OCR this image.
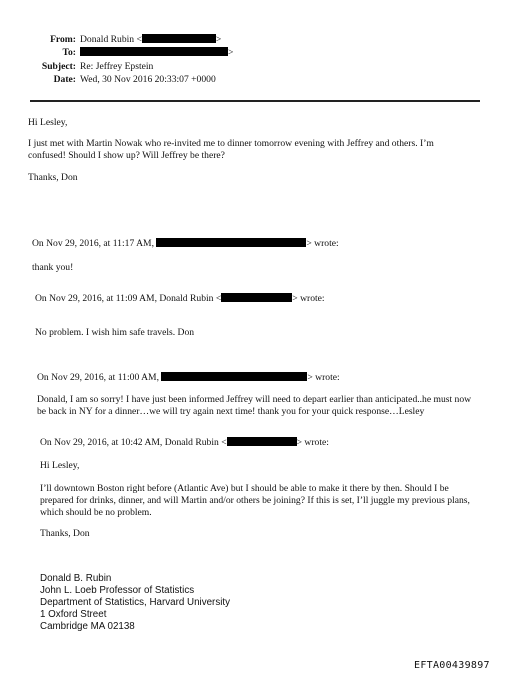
From: Donald Rubin <	>
To:	>
Subject: Re: Jeffrey Epstein
Date: Wed, 30 Nov 2016 20:33:07 +0000
Hi Lesley,
I just met with Martin Nowak who re-invited me to dinner tomorrow evening with Jeffrey and others. I’m confused! Should I show up? Will Jeffrey be there?
Thanks, Don
On Nov 29, 2016, at 11:17 AM,	> wrote:
thank you!
On Nov 29, 2016, at 11:09 AM, Donald Rubin <	> wrote:
No problem. I wish him safe travels. Don
On Nov 29, 2016, at 11:00 AM,	> wrote:
Donald, I am so sorry! I have just been informed Jeffrey will need to depart earlier than anticipated..he must now be back in NY for a dinner…we will try again next time! thank you for your quick response…Lesley
On Nov 29, 2016, at 10:42 AM, Donald Rubin <	> wrote:
Hi Lesley,
I’ll downtown Boston right before (Atlantic Ave) but I should be able to make it there by then. Should I be prepared for drinks, dinner, and will Martin and/or others be joining? If this is set, I’ll juggle my previous plans, which should be no problem.
Thanks, Don
Donald B. Rubin
John L. Loeb Professor of Statistics
Department of Statistics, Harvard University
1 Oxford Street
Cambridge MA 02138
EFTA00439897
